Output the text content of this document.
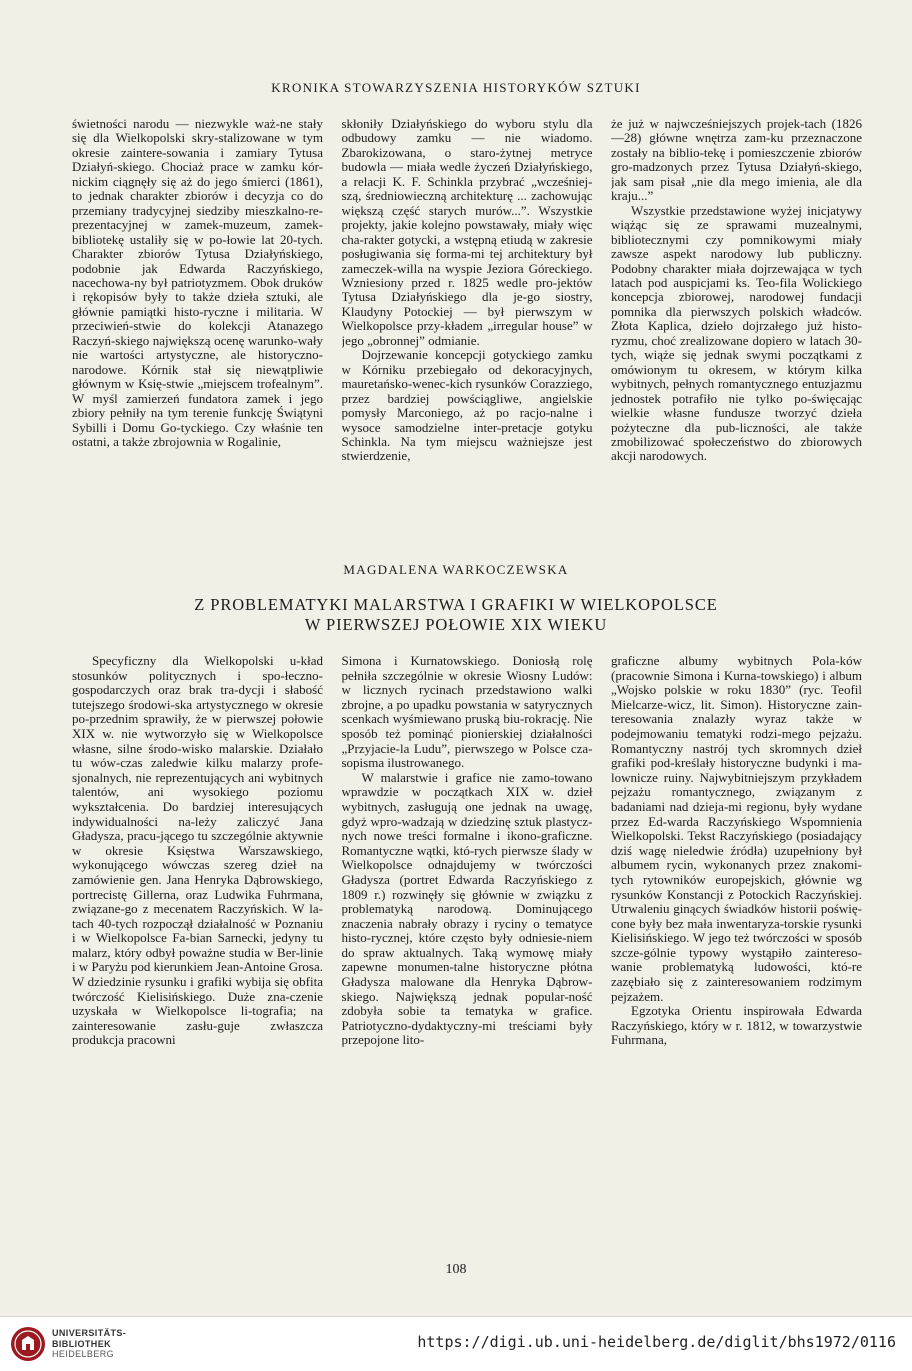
KRONIKA STOWARZYSZENIA HISTORYKÓW SZTUKI

świetności narodu — niezwykle waż-ne stały się dla Wielkopolski skry-stalizowane w tym okresie zaintere-sowania i zamiary Tytusa Działyń-skiego. Chociaż prace w zamku kór-nickim ciągnęły się aż do jego śmierci (1861), to jednak charakter zbiorów i decyzja co do przemiany tradycyjnej siedziby mieszkalno-re-prezentacyjnej w zamek-muzeum, zamek-bibliotekę ustaliły się w po-łowie lat 20-tych. Charakter zbiorów Tytusa Działyńskiego, podobnie jak Edwarda Raczyńskiego, nacechowa-ny był patriotyzmem. Obok druków i rękopisów były to także dzieła sztuki, ale głównie pamiątki histo-ryczne i militaria. W przeciwień-stwie do kolekcji Atanazego Raczyń-skiego największą ocenę warunko-wały nie wartości artystyczne, ale historyczno-narodowe. Kórnik stał się niewątpliwie głównym w Księ-stwie „miejscem trofealnym”. W myśl zamierzeń fundatora zamek i jego zbiory pełniły na tym terenie funkcję Świątyni Sybilli i Domu Go-tyckiego. Czy właśnie ten ostatni, a także zbrojownia w Rogalinie,

skłoniły Działyńskiego do wyboru stylu dla odbudowy zamku — nie wiadomo. Zbarokizowana, o staro-żytnej metryce budowla — miała wedle życzeń Działyńskiego, a relacji K. F. Schinkla przybrać „wcześniej-szą, średniowieczną architekturę ... zachowując większą część starych murów...”. Wszystkie projekty, jakie kolejno powstawały, miały więc cha-rakter gotycki, a wstępną etiudą w zakresie posługiwania się forma-mi tej architektury był zameczek-willa na wyspie Jeziora Góreckiego. Wzniesiony przed r. 1825 wedle pro-jektów Tytusa Działyńskiego dla je-go siostry, Klaudyny Potockiej — był pierwszym w Wielkopolsce przy-kładem „irregular house” w jego „obronnej” odmianie.

Dojrzewanie koncepcji gotyckiego zamku w Kórniku przebiegało od dekoracyjnych, mauretańsko-wenec-kich rysunków Corazziego, przez bardziej powściągliwe, angielskie pomysły Marconiego, aż po racjo-nalne i wysoce samodzielne inter-pretacje gotyku Schinkla. Na tym miejscu ważniejsze jest stwierdzenie,

że już w najwcześniejszych projek-tach (1826—28) główne wnętrza zam-ku przeznaczone zostały na biblio-tekę i pomieszczenie zbiorów gro-madzonych przez Tytusa Działyń-skiego, jak sam pisał „nie dla mego imienia, ale dla kraju...”

Wszystkie przedstawione wyżej inicjatywy wiążąc się ze sprawami muzealnymi, bibliotecznymi czy pomnikowymi miały zawsze aspekt narodowy lub publiczny. Podobny charakter miała dojrzewająca w tych latach pod auspicjami ks. Teo-fila Wolickiego koncepcja zbiorowej, narodowej fundacji pomnika dla pierwszych polskich władców. Złota Kaplica, dzieło dojrzałego już histo-ryzmu, choć zrealizowane dopiero w latach 30-tych, wiąże się jednak swymi początkami z omówionym tu okresem, w którym kilka wybitnych, pełnych romantycznego entuzjazmu jednostek potrafiło nie tylko po-święcając wielkie własne fundusze tworzyć dzieła pożyteczne dla pub-liczności, ale także zmobilizować społeczeństwo do zbiorowych akcji narodowych.

MAGDALENA WARKOCZEWSKA
Z PROBLEMATYKI MALARSTWA I GRAFIKI W WIELKOPOLSCE
W PIERWSZEJ POŁOWIE XIX WIEKU

Specyficzny dla Wielkopolski u-kład stosunków politycznych i spo-łeczno-gospodarczych oraz brak tra-dycji i słabość tutejszego środowi-ska artystycznego w okresie po-przednim sprawiły, że w pierwszej połowie XIX w. nie wytworzyło się w Wielkopolsce własne, silne środo-wisko malarskie. Działało tu wów-czas zaledwie kilku malarzy profe-sjonalnych, nie reprezentujących ani wybitnych talentów, ani wysokiego poziomu wykształcenia. Do bardziej interesujących indywidualności na-leży zaliczyć Jana Gładysza, pracu-jącego tu szczególnie aktywnie w okresie Księstwa Warszawskiego, wykonującego wówczas szereg dzieł na zamówienie gen. Jana Henryka Dąbrowskiego, portrecistę Gillerna, oraz Ludwika Fuhrmana, związane-go z mecenatem Raczyńskich. W la-tach 40-tych rozpoczął działalność w Poznaniu i w Wielkopolsce Fa-bian Sarnecki, jedyny tu malarz, który odbył poważne studia w Ber-linie i w Paryżu pod kierunkiem Jean-Antoine Grosa. W dziedzinie rysunku i grafiki wybija się obfita twórczość Kielisińskiego. Duże zna-czenie uzyskała w Wielkopolsce li-tografia; na zainteresowanie zasłu-guje zwłaszcza produkcja pracowni

Simona i Kurnatowskiego. Doniosłą rolę pełniła szczególnie w okresie Wiosny Ludów: w licznych rycinach przedstawiono walki zbrojne, a po upadku powstania w satyrycznych scenkach wyśmiewano pruską biu-rokrację. Nie sposób też pominąć pionierskiej działalności „Przyjacie-la Ludu”, pierwszego w Polsce cza-sopisma ilustrowanego.

W malarstwie i grafice nie zamo-towano wprawdzie w początkach XIX w. dzieł wybitnych, zasługują one jednak na uwagę, gdyż wpro-wadzają w dziedzinę sztuk plastycz-nych nowe treści formalne i ikono-graficzne. Romantyczne wątki, któ-rych pierwsze ślady w Wielkopolsce odnajdujemy w twórczości Gładysza (portret Edwarda Raczyńskiego z 1809 r.) rozwinęły się głównie w związku z problematyką narodową. Dominującego znaczenia nabrały obrazy i ryciny o tematyce histo-rycznej, które często były odniesie-niem do spraw aktualnych. Taką wymowę miały zapewne monumen-talne historyczne płótna Gładysza malowane dla Henryka Dąbrow-skiego. Największą jednak popular-ność zdobyła sobie ta tematyka w grafice. Patriotyczno-dydaktyczny-mi treściami były przepojone lito-

graficzne albumy wybitnych Pola-ków (pracownie Simona i Kurna-towskiego) i album „Wojsko polskie w roku 1830” (ryc. Teofil Mielcarze-wicz, lit. Simon). Historyczne zain-teresowania znalazły wyraz także w podejmowaniu tematyki rodzi-mego pejzażu. Romantyczny nastrój tych skromnych dzieł grafiki pod-kreślały historyczne budynki i ma-lownicze ruiny. Najwybitniejszym przykładem pejzażu romantycznego, związanym z badaniami nad dzieja-mi regionu, były wydane przez Ed-warda Raczyńskiego Wspomnienia Wielkopolski. Tekst Raczyńskiego (posiadający dziś wagę nieledwie źródła) uzupełniony był albumem rycin, wykonanych przez znakomi-tych rytowników europejskich, głównie wg rysunków Konstancji z Potockich Raczyńskiej. Utrwaleniu ginących świadków historii poświę-cone były bez mała inwentaryza-torskie rysunki Kielisińskiego. W jego też twórczości w sposób szcze-gólnie typowy wystąpiło zaintereso-wanie problematyką ludowości, któ-re zazębiało się z zainteresowaniem rodzimym pejzażem.

Egzotyka Orientu inspirowała Edwarda Raczyńskiego, który w r. 1812, w towarzystwie Fuhrmana,

108
UNIVERSITÄTS-
BIBLIOTHEK
HEIDELBERG
https://digi.ub.uni-heidelberg.de/diglit/bhs1972/0116
